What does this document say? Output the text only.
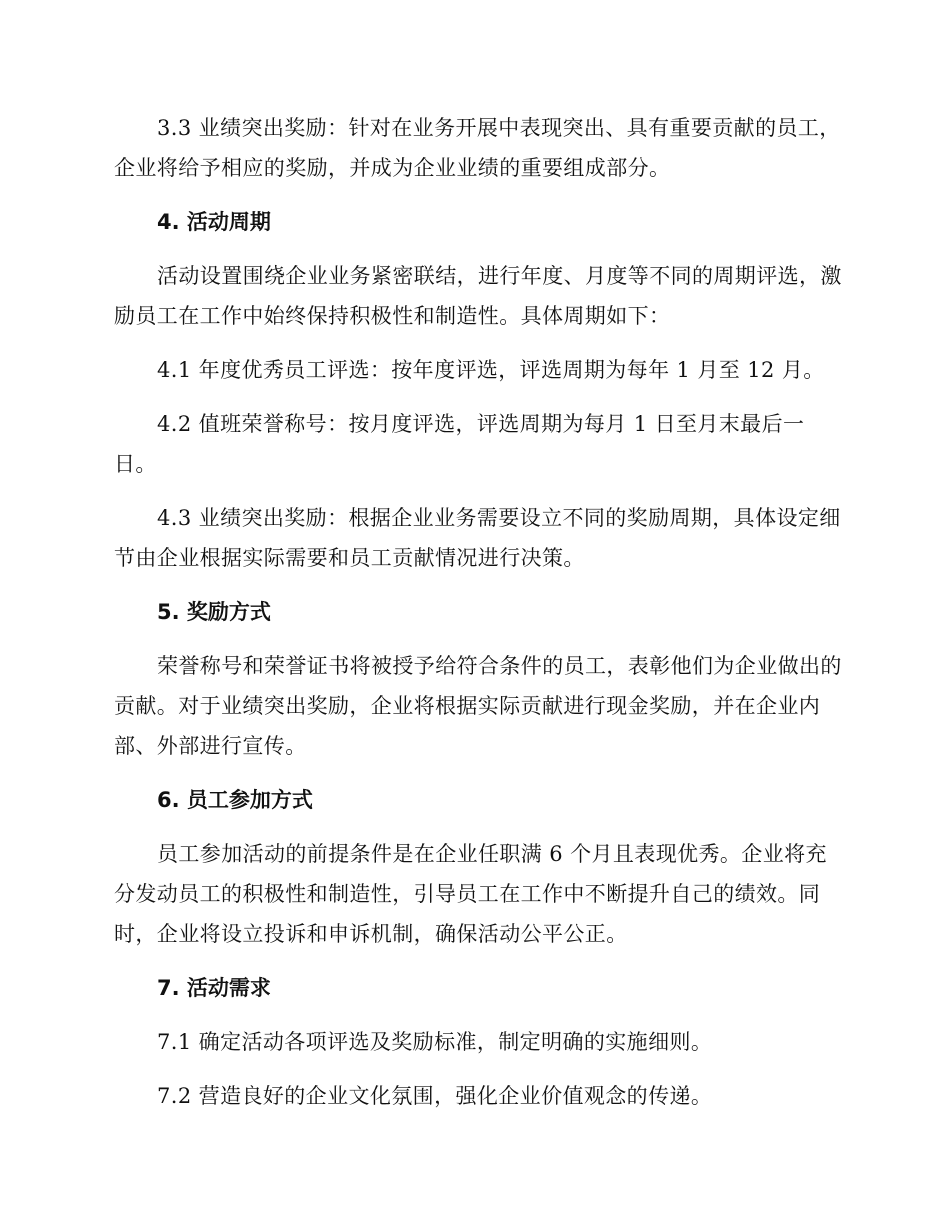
3.3 业绩突出奖励：针对在业务开展中表现突出、具有重要贡献的员工，企业将给予相应的奖励，并成为企业业绩的重要组成部分。

4. 活动周期

活动设置围绕企业业务紧密联结，进行年度、月度等不同的周期评选，激励员工在工作中始终保持积极性和制造性。具体周期如下：

4.1 年度优秀员工评选：按年度评选，评选周期为每年 1 月至 12 月。

4.2 值班荣誉称号：按月度评选，评选周期为每月 1 日至月末最后一日。

4.3 业绩突出奖励：根据企业业务需要设立不同的奖励周期，具体设定细节由企业根据实际需要和员工贡献情况进行决策。

5. 奖励方式

荣誉称号和荣誉证书将被授予给符合条件的员工，表彰他们为企业做出的贡献。对于业绩突出奖励，企业将根据实际贡献进行现金奖励，并在企业内部、外部进行宣传。

6. 员工参加方式

员工参加活动的前提条件是在企业任职满 6 个月且表现优秀。企业将充分发动员工的积极性和制造性，引导员工在工作中不断提升自己的绩效。同时，企业将设立投诉和申诉机制，确保活动公平公正。

7. 活动需求

7.1 确定活动各项评选及奖励标准，制定明确的实施细则。

7.2 营造良好的企业文化氛围，强化企业价值观念的传递。
